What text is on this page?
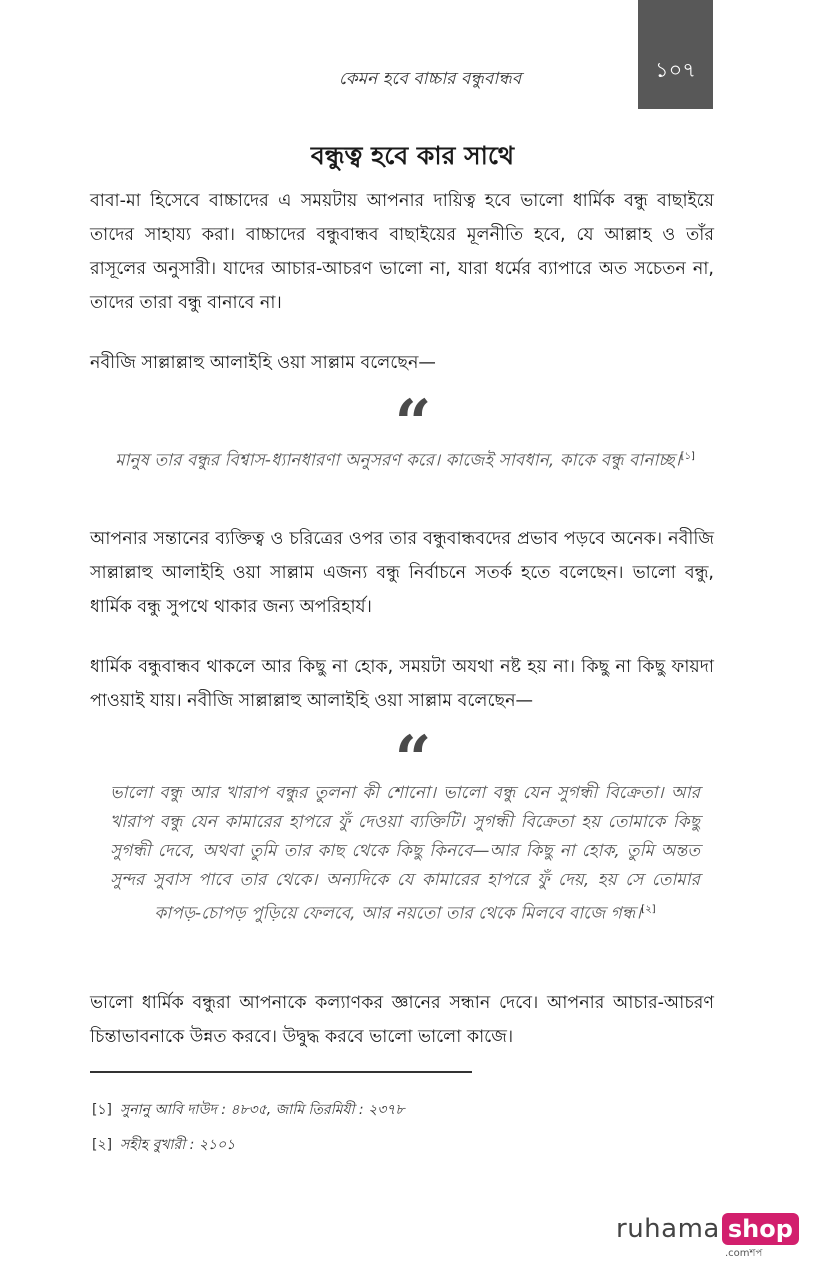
কেমন হবে বাচ্চার বন্ধুবান্ধব	১০৭
বন্ধুত্ব হবে কার সাথে

বাবা-মা হিসেবে বাচ্চাদের এ সময়টায় আপনার দায়িত্ব হবে ভালো ধার্মিক বন্ধু বাছাইয়ে তাদের সাহায্য করা। বাচ্চাদের বন্ধুবান্ধব বাছাইয়ের মূলনীতি হবে, যে আল্লাহ ও তাঁর রাসূলের অনুসারী। যাদের আচার-আচরণ ভালো না, যারা ধর্মের ব্যাপারে অত সচেতন না, তাদের তারা বন্ধু বানাবে না।

নবীজি সাল্লাল্লাহু আলাইহি ওয়া সাল্লাম বলেছেন—

“

মানুষ তার বন্ধুর বিশ্বাস-ধ্যানধারণা অনুসরণ করে। কাজেই সাবধান, কাকে বন্ধু বানাচ্ছ।[১]

আপনার সন্তানের ব্যক্তিত্ব ও চরিত্রের ওপর তার বন্ধুবান্ধবদের প্রভাব পড়বে অনেক। নবীজি সাল্লাল্লাহু আলাইহি ওয়া সাল্লাম এজন্য বন্ধু নির্বাচনে সতর্ক হতে বলেছেন। ভালো বন্ধু, ধার্মিক বন্ধু সুপথে থাকার জন্য অপরিহার্য।

ধার্মিক বন্ধুবান্ধব থাকলে আর কিছু না হোক, সময়টা অযথা নষ্ট হয় না। কিছু না কিছু ফায়দা পাওয়াই যায়। নবীজি সাল্লাল্লাহু আলাইহি ওয়া সাল্লাম বলেছেন—

“

ভালো বন্ধু আর খারাপ বন্ধুর তুলনা কী শোনো। ভালো বন্ধু যেন সুগন্ধী বিক্রেতা। আর খারাপ বন্ধু যেন কামারের হাপরে ফুঁ দেওয়া ব্যক্তিটি। সুগন্ধী বিক্রেতা হয় তোমাকে কিছু সুগন্ধী দেবে, অথবা তুমি তার কাছ থেকে কিছু কিনবে—আর কিছু না হোক, তুমি অন্তত সুন্দর সুবাস পাবে তার থেকে। অন্যদিকে যে কামারের হাপরে ফুঁ দেয়, হয় সে তোমার কাপড়-চোপড় পুড়িয়ে ফেলবে, আর নয়তো তার থেকে মিলবে বাজে গন্ধ।[২]

ভালো ধার্মিক বন্ধুরা আপনাকে কল্যাণকর জ্ঞানের সন্ধান দেবে। আপনার আচার-আচরণ চিন্তাভাবনাকে উন্নত করবে। উদ্বুদ্ধ করবে ভালো ভালো কাজে।

[১] সুনানু আবি দাউদ : ৪৮৩৫, জামি তিরমিযী : ২৩৭৮
[২] সহীহ বুখারী : ২১০১
ruhama shop
.comশপ
